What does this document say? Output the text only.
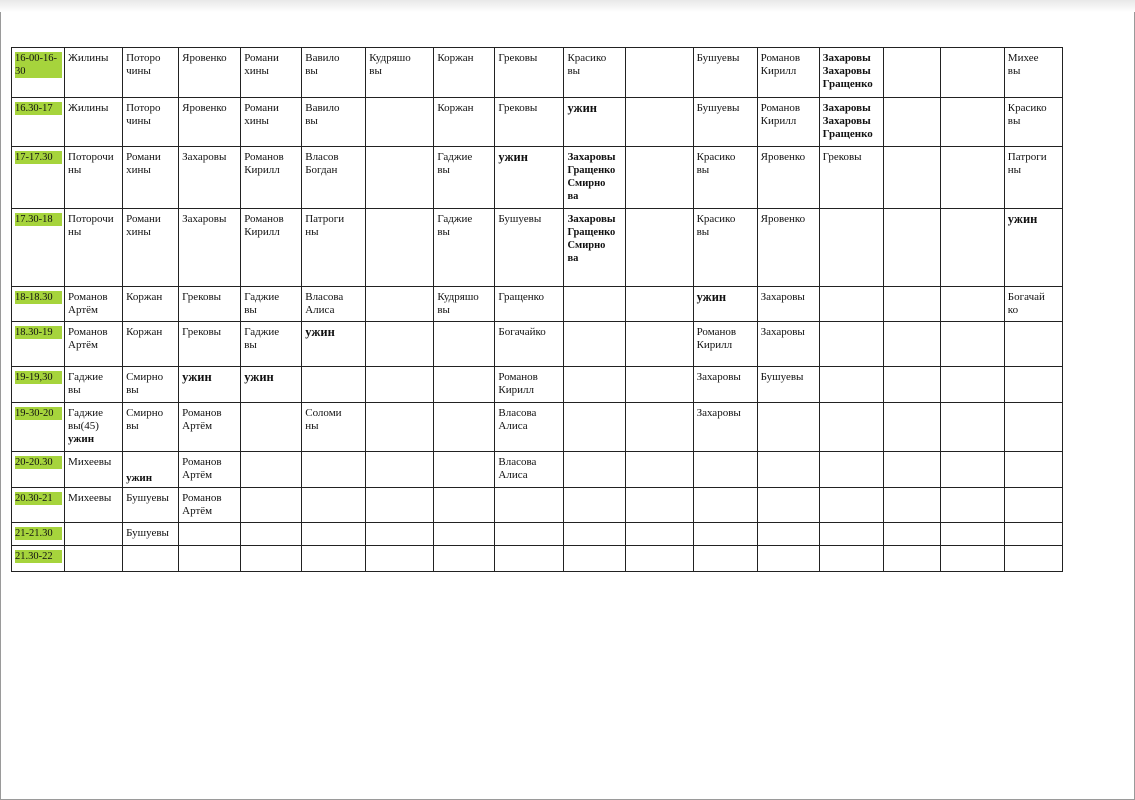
16-00-16-
30	Жилины	Поторо
чины	Яровенко	Романи
хины	Вавило
вы	Кудряшо
вы	Коржан	Грековы	Красико
вы		Бушуевы	Романов
Кирилл	Захаровы
Захаровы
Гращенко			Михее
вы

16.30-17	Жилины	Поторо
чины	Яровенко	Романи
хины	Вавило
вы		Коржан	Грековы	ужин		Бушуевы	Романов
Кирилл	Захаровы
Захаровы
Гращенко			Красико
вы

17-17.30	Поторочи
ны	Романи
хины	Захаровы	Романов
Кирилл	Власов
Богдан		Гаджие
вы	ужин	Захаровы
Гращенко
Смирно
ва		Красико
вы	Яровенко	Грековы			Патроги
ны

17.30-18	Поторочи
ны	Романи
хины	Захаровы	Романов
Кирилл	Патроги
ны		Гаджие
вы	Бушуевы	Захаровы
Гращенко
Смирно
ва		Красико
вы	Яровенко				ужин

18-18.30	Романов
Артём	Коржан	Грековы	Гаджие
вы	Власова
Алиса		Кудряшо
вы	Гращенко			ужин	Захаровы				Богачай
ко

18.30-19	Романов
Артём	Коржан	Грековы	Гаджие
вы	ужин			Богачайко			Романов
Кирилл	Захаровы				

19-19,30	Гаджие
вы	Смирно
вы	ужин	ужин				Романов
Кирилл			Захаровы	Бушуевы				

19-30-20	Гаджие
вы(45)
ужин	Смирно
вы	Романов
Артём		Соломи
ны			Власова
Алиса			Захаровы					

20-20.30	Михеевы	ужин	Романов
Артём					Власова
Алиса								

20.30-21	Михеевы	Бушуевы	Романов
Артём													

21-21.30		Бушуевы														

21.30-22																
